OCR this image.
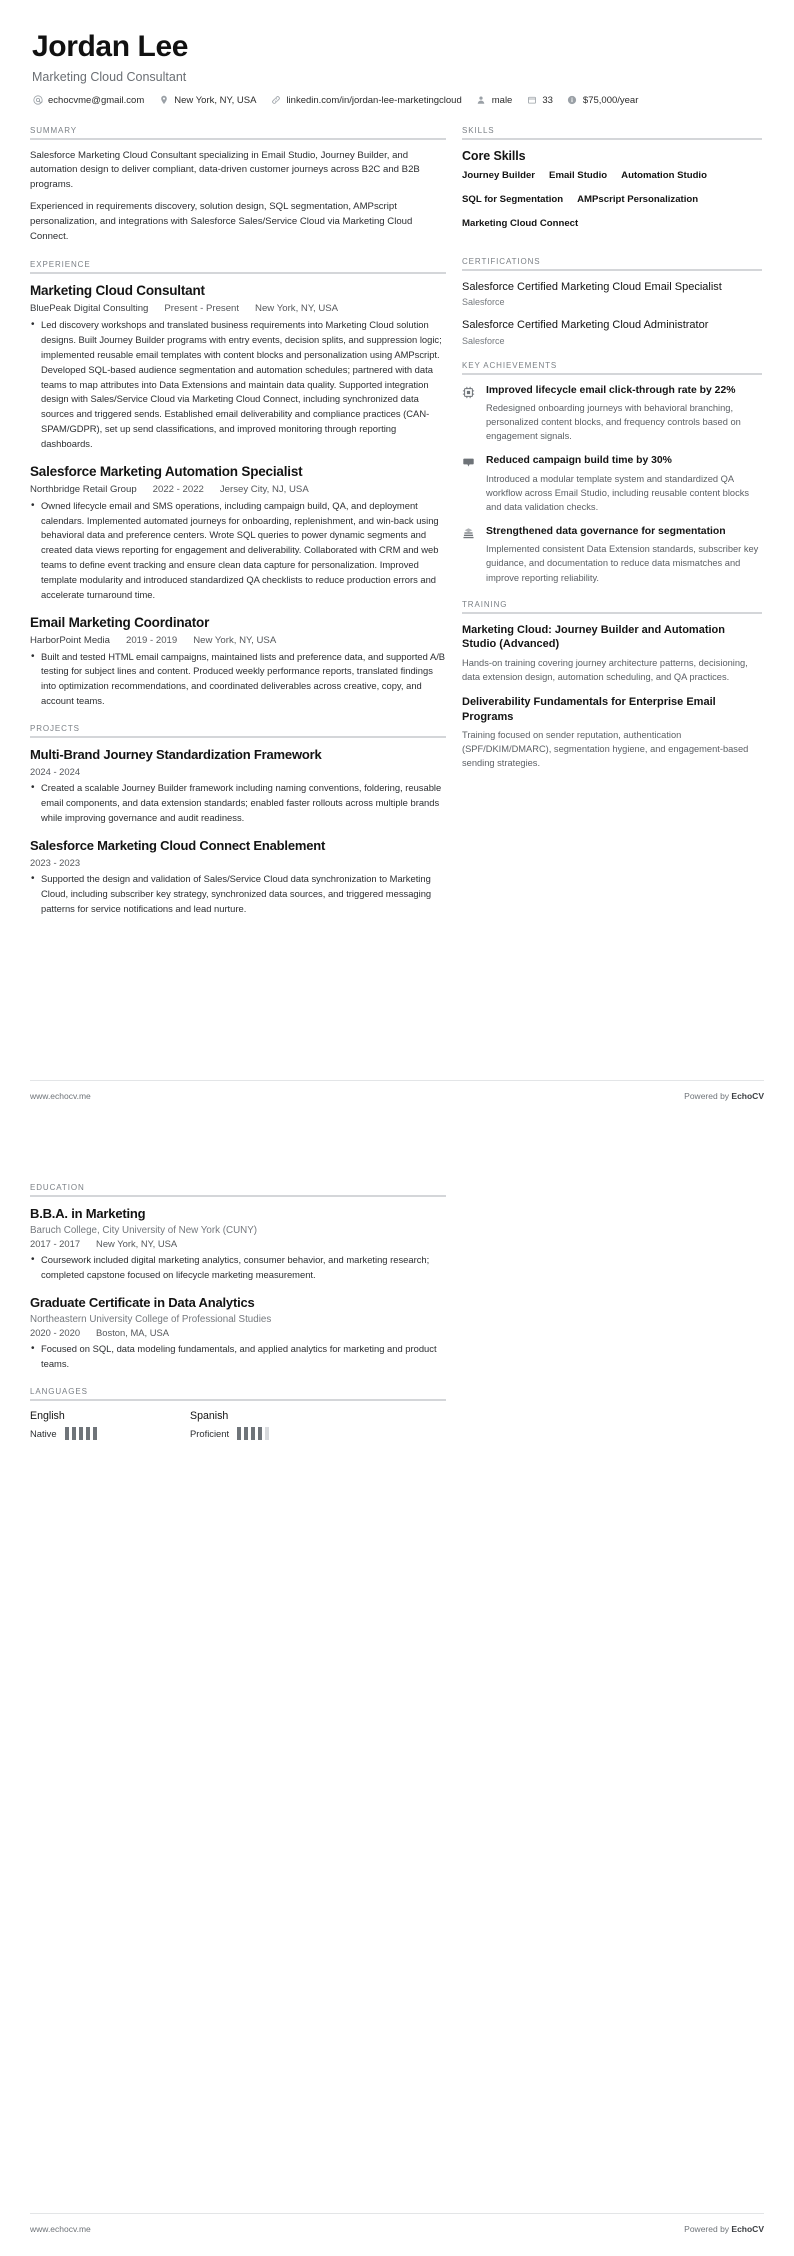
Jordan Lee
Marketing Cloud Consultant
echocvme@gmail.com	New York, NY, USA	linkedin.com/in/jordan-lee-marketingcloud	male	33	$75,000/year
SUMMARY
Salesforce Marketing Cloud Consultant specializing in Email Studio, Journey Builder, and automation design to deliver compliant, data-driven customer journeys across B2C and B2B programs.
Experienced in requirements discovery, solution design, SQL segmentation, AMPscript personalization, and integrations with Salesforce Sales/Service Cloud via Marketing Cloud Connect.
EXPERIENCE
Marketing Cloud Consultant
BluePeak Digital Consulting Present - Present New York, NY, USA
• Led discovery workshops and translated business requirements into Marketing Cloud solution designs. Built Journey Builder programs with entry events, decision splits, and suppression logic; implemented reusable email templates with content blocks and personalization using AMPscript. Developed SQL-based audience segmentation and automation schedules; partnered with data teams to map attributes into Data Extensions and maintain data quality. Supported integration design with Sales/Service Cloud via Marketing Cloud Connect, including synchronized data sources and triggered sends. Established email deliverability and compliance practices (CAN-SPAM/GDPR), set up send classifications, and improved monitoring through reporting dashboards.
Salesforce Marketing Automation Specialist
Northbridge Retail Group 2022 - 2022 Jersey City, NJ, USA
• Owned lifecycle email and SMS operations, including campaign build, QA, and deployment calendars. Implemented automated journeys for onboarding, replenishment, and win-back using behavioral data and preference centers. Wrote SQL queries to power dynamic segments and created data views reporting for engagement and deliverability. Collaborated with CRM and web teams to define event tracking and ensure clean data capture for personalization. Improved template modularity and introduced standardized QA checklists to reduce production errors and accelerate turnaround time.
Email Marketing Coordinator
HarborPoint Media 2019 - 2019 New York, NY, USA
• Built and tested HTML email campaigns, maintained lists and preference data, and supported A/B testing for subject lines and content. Produced weekly performance reports, translated findings into optimization recommendations, and coordinated deliverables across creative, copy, and account teams.
PROJECTS
Multi-Brand Journey Standardization Framework
2024 - 2024
• Created a scalable Journey Builder framework including naming conventions, foldering, reusable email components, and data extension standards; enabled faster rollouts across multiple brands while improving governance and audit readiness.
Salesforce Marketing Cloud Connect Enablement
2023 - 2023
• Supported the design and validation of Sales/Service Cloud data synchronization to Marketing Cloud, including subscriber key strategy, synchronized data sources, and triggered messaging patterns for service notifications and lead nurture.
SKILLS
Core Skills
Journey Builder Email Studio Automation Studio
SQL for Segmentation AMPscript Personalization
Marketing Cloud Connect
CERTIFICATIONS
Salesforce Certified Marketing Cloud Email Specialist
Salesforce
Salesforce Certified Marketing Cloud Administrator
Salesforce
KEY ACHIEVEMENTS
Improved lifecycle email click-through rate by 22%
Redesigned onboarding journeys with behavioral branching, personalized content blocks, and frequency controls based on engagement signals.
Reduced campaign build time by 30%
Introduced a modular template system and standardized QA workflow across Email Studio, including reusable content blocks and data validation checks.
Strengthened data governance for segmentation
Implemented consistent Data Extension standards, subscriber key guidance, and documentation to reduce data mismatches and improve reporting reliability.
TRAINING
Marketing Cloud: Journey Builder and Automation Studio (Advanced)
Hands-on training covering journey architecture patterns, decisioning, data extension design, automation scheduling, and QA practices.
Deliverability Fundamentals for Enterprise Email Programs
Training focused on sender reputation, authentication (SPF/DKIM/DMARC), segmentation hygiene, and engagement-based sending strategies.
www.echocv.me	Powered by EchoCV
EDUCATION
B.B.A. in Marketing
Baruch College, City University of New York (CUNY)
2017 - 2017 New York, NY, USA
• Coursework included digital marketing analytics, consumer behavior, and marketing research; completed capstone focused on lifecycle marketing measurement.
Graduate Certificate in Data Analytics
Northeastern University College of Professional Studies
2020 - 2020 Boston, MA, USA
• Focused on SQL, data modeling fundamentals, and applied analytics for marketing and product teams.
LANGUAGES
English
Native
Spanish
Proficient
www.echocv.me	Powered by EchoCV
